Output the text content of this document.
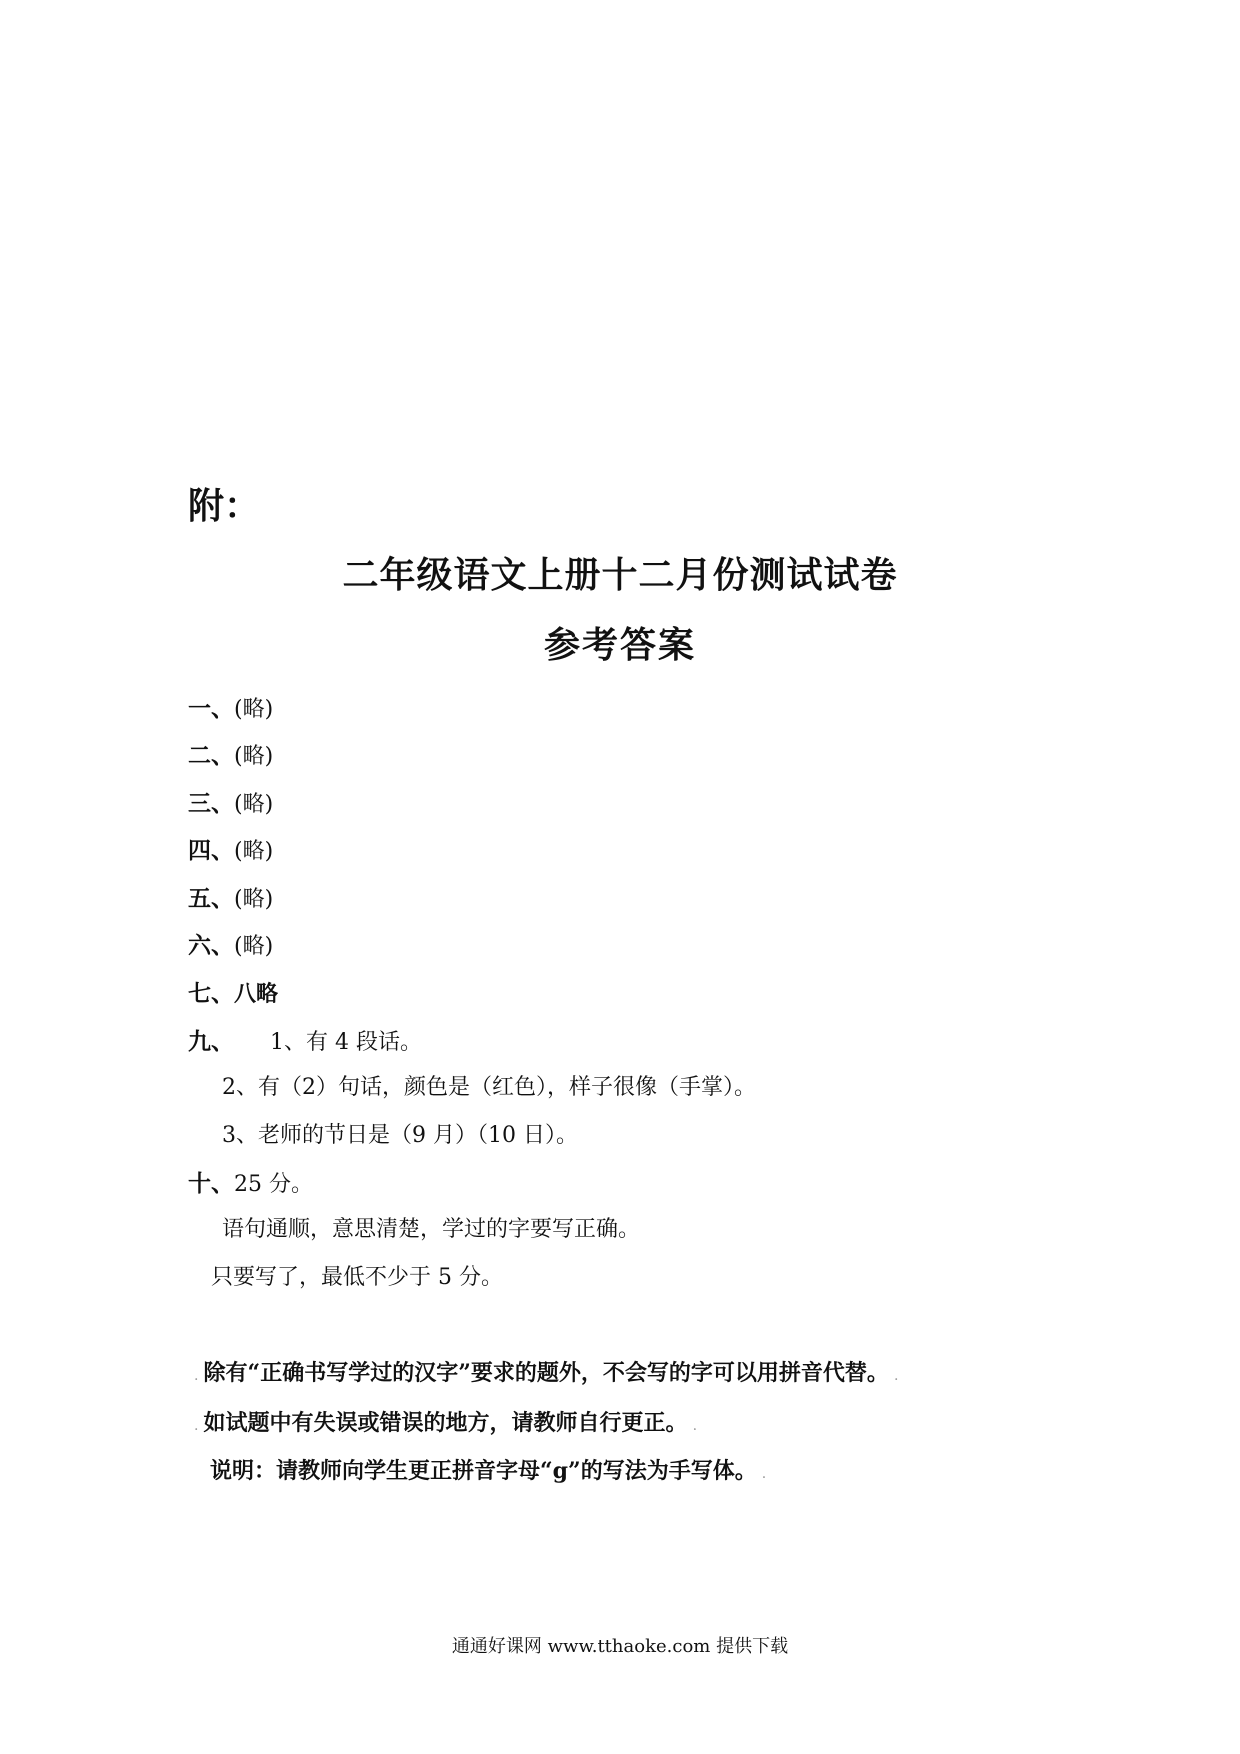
附：
二年级语文上册十二月份测试试卷
参考答案
一、(略)
二、(略)
三、(略)
四、(略)
五、(略)
六、(略)
七、八略
九、 1、有 4 段话。
2、有（2）句话，颜色是（红色），样子很像（手掌）。
3、老师的节日是（9 月）（10 日）。
十、25 分。
语句通顺，意思清楚，学过的字要写正确。
只要写了，最低不少于 5 分。
. 除有“正确书写学过的汉字”要求的题外，不会写的字可以用拼音代替。 .
. 如试题中有失误或错误的地方，请教师自行更正。 .
说明：请教师向学生更正拼音字母“g”的写法为手写体。 .
通通好课网 www.tthaoke.com 提供下载
